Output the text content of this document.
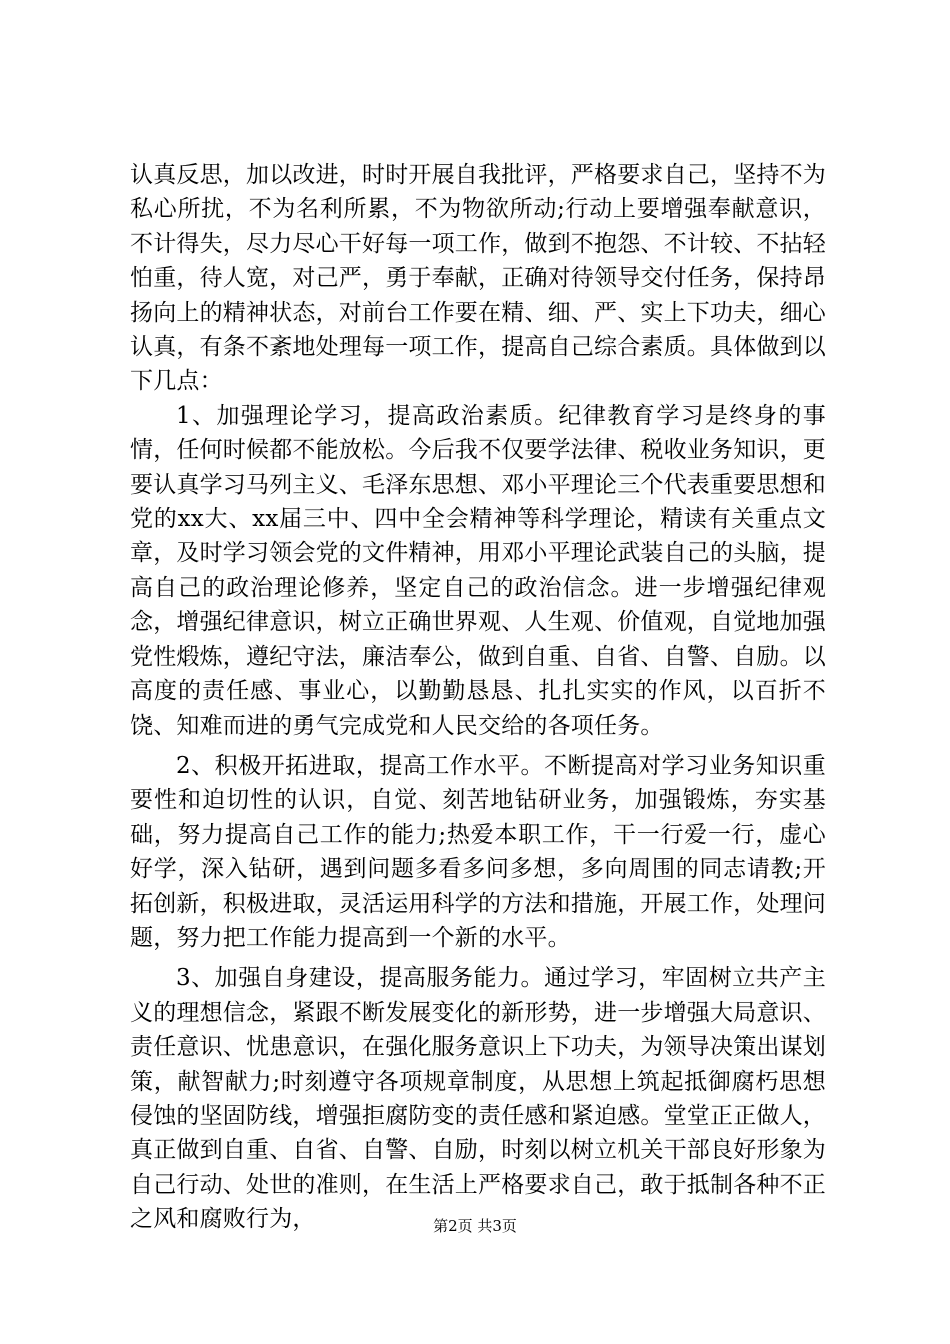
认真反思，加以改进，时时开展自我批评，严格要求自己，坚持不为私心所扰，不为名利所累，不为物欲所动;行动上要增强奉献意识，不计得失，尽力尽心干好每一项工作，做到不抱怨、不计较、不拈轻怕重，待人宽，对己严，勇于奉献，正确对待领导交付任务，保持昂扬向上的精神状态，对前台工作要在精、细、严、实上下功夫，细心认真，有条不紊地处理每一项工作，提高自己综合素质。具体做到以下几点：

1、加强理论学习，提高政治素质。纪律教育学习是终身的事情，任何时候都不能放松。今后我不仅要学法律、税收业务知识，更要认真学习马列主义、毛泽东思想、邓小平理论三个代表重要思想和党的xx大、xx届三中、四中全会精神等科学理论，精读有关重点文章，及时学习领会党的文件精神，用邓小平理论武装自己的头脑，提高自己的政治理论修养，坚定自己的政治信念。进一步增强纪律观念，增强纪律意识，树立正确世界观、人生观、价值观，自觉地加强党性煅炼，遵纪守法，廉洁奉公，做到自重、自省、自警、自励。以高度的责任感、事业心，以勤勤恳恳、扎扎实实的作风，以百折不饶、知难而进的勇气完成党和人民交给的各项任务。

2、积极开拓进取，提高工作水平。不断提高对学习业务知识重要性和迫切性的认识，自觉、刻苦地钻研业务，加强锻炼，夯实基础，努力提高自己工作的能力;热爱本职工作，干一行爱一行，虚心好学，深入钻研，遇到问题多看多问多想，多向周围的同志请教;开拓创新，积极进取，灵活运用科学的方法和措施，开展工作，处理问题，努力把工作能力提高到一个新的水平。

3、加强自身建设，提高服务能力。通过学习，牢固树立共产主义的理想信念，紧跟不断发展变化的新形势，进一步增强大局意识、责任意识、忧患意识，在强化服务意识上下功夫，为领导决策出谋划策，献智献力;时刻遵守各项规章制度，从思想上筑起抵御腐朽思想侵蚀的坚固防线，增强拒腐防变的责任感和紧迫感。堂堂正正做人，真正做到自重、自省、自警、自励，时刻以树立机关干部良好形象为自己行动、处世的准则，在生活上严格要求自己，敢于抵制各种不正之风和腐败行为，	第2页 共3页
